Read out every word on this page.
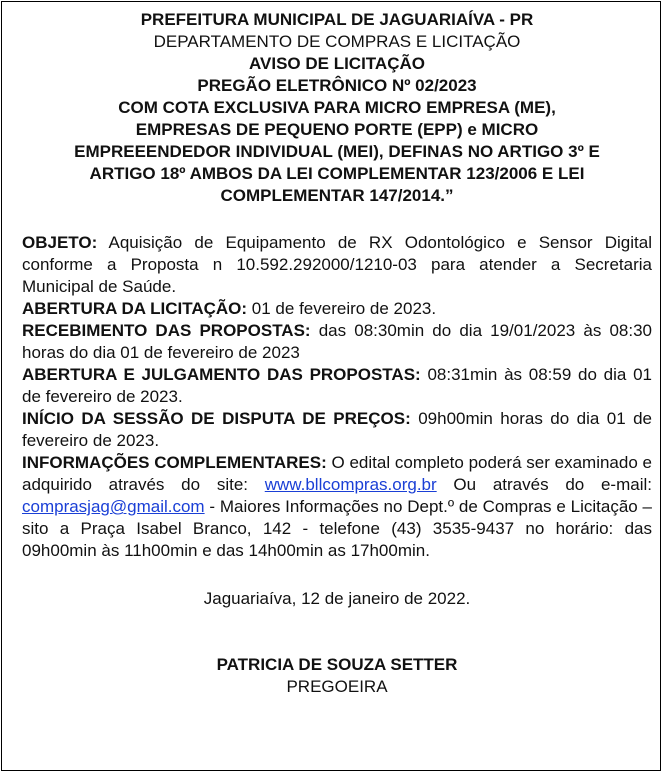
PREFEITURA MUNICIPAL DE JAGUARIAÍVA - PR
DEPARTAMENTO DE COMPRAS E LICITAÇÃO
AVISO DE LICITAÇÃO
PREGÃO ELETRÔNICO Nº 02/2023
COM COTA EXCLUSIVA PARA MICRO EMPRESA (ME),
EMPRESAS DE PEQUENO PORTE (EPP) e MICRO
EMPREEENDEDOR INDIVIDUAL (MEI), DEFINAS NO ARTIGO 3º E
ARTIGO 18º AMBOS DA LEI COMPLEMENTAR 123/2006 E LEI
COMPLEMENTAR 147/2014.”

OBJETO: Aquisição de Equipamento de RX Odontológico e Sensor Digital conforme a Proposta n 10.592.292000/1210-03 para atender a Secretaria Municipal de Saúde.

ABERTURA DA LICITAÇÃO: 01 de fevereiro de 2023.

RECEBIMENTO DAS PROPOSTAS: das 08:30min do dia 19/01/2023 às 08:30 horas do dia 01 de fevereiro de 2023

ABERTURA E JULGAMENTO DAS PROPOSTAS: 08:31min às 08:59 do dia 01 de fevereiro de 2023.

INÍCIO DA SESSÃO DE DISPUTA DE PREÇOS: 09h00min horas do dia 01 de fevereiro de 2023.

INFORMAÇÕES COMPLEMENTARES: O edital completo poderá ser examinado e adquirido através do site: www.bllcompras.org.br Ou através do e-mail: comprasjag@gmail.com - Maiores Informações no Dept.º de Compras e Licitação – sito a Praça Isabel Branco, 142 - telefone (43) 3535-9437 no horário: das 09h00min às 11h00min e das 14h00min as 17h00min.

Jaguariaíva, 12 de janeiro de 2022.
PATRICIA DE SOUZA SETTER
PREGOEIRA
